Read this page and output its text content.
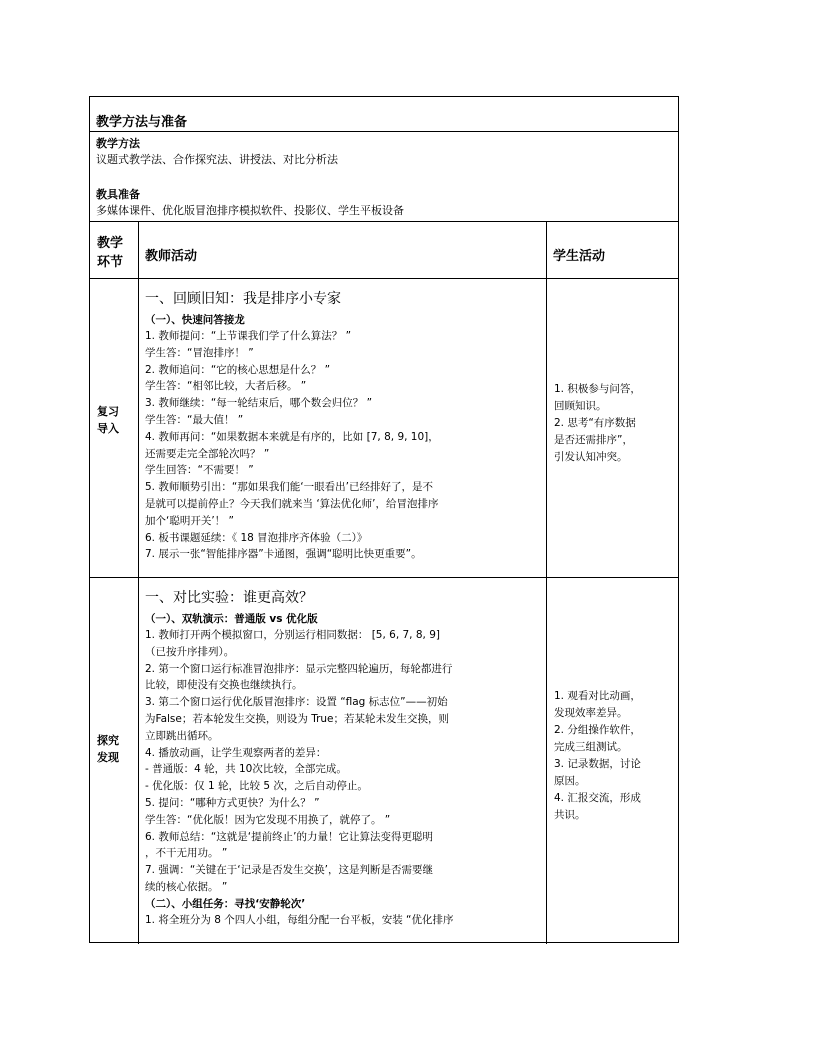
教学方法与准备
教学方法
议题式教学法、合作探究法、讲授法、对比分析法
教具准备
多媒体课件、优化版冒泡排序模拟软件、投影仪、学生平板设备
教学
环节 教师活动	学生活动
复习
导入
一、回顾旧知：我是排序小专家
（一）、快速问答接龙
1. 教师提问：“上节课我们学了什么算法？ ”
学生答：“冒泡排序！ ”
2. 教师追问：“它的核心思想是什么？ ”
学生答：“相邻比较，大者后移。 ”
3. 教师继续：“每一轮结束后，哪个数会归位？ ”
学生答：“最大值！ ”
4. 教师再问：“如果数据本来就是有序的，比如 [7, 8, 9, 10]，
还需要走完全部轮次吗？ ”
学生回答：“不需要！ ”
5. 教师顺势引出：“那如果我们能‘一眼看出’已经排好了，是不
是就可以提前停止？今天我们就来当 ‘算法优化师’，给冒泡排序
加个‘聪明开关’！ ”
6. 板书课题延续：《 18 冒泡排序齐体验（二）》
7. 展示一张“智能排序器”卡通图，强调“聪明比快更重要”。
1. 积极参与问答，
回顾知识。
2. 思考“有序数据
是否还需排序”，
引发认知冲突。
探究
发现
一、对比实验：谁更高效？
（一）、双轨演示：普通版 vs 优化版
1. 教师打开两个模拟窗口，分别运行相同数据： [5, 6, 7, 8, 9]
（已按升序排列）。
2. 第一个窗口运行标准冒泡排序：显示完整四轮遍历，每轮都进行
比较，即使没有交换也继续执行。
3. 第二个窗口运行优化版冒泡排序：设置 “flag 标志位”——初始
为False；若本轮发生交换，则设为 True；若某轮未发生交换，则
立即跳出循环。
4. 播放动画，让学生观察两者的差异：
- 普通版：4 轮，共 10次比较，全部完成。
- 优化版：仅 1 轮，比较 5 次，之后自动停止。
5. 提问：“哪种方式更快？为什么？ ”
学生答：“优化版！因为它发现不用换了，就停了。 ”
6. 教师总结：“这就是‘提前终止’的力量！它让算法变得更聪明
，不干无用功。 ”
7. 强调：“关键在于‘记录是否发生交换’，这是判断是否需要继
续的核心依据。 ”
（二）、小组任务：寻找‘安静轮次’
1. 将全班分为 8 个四人小组，每组分配一台平板，安装 “优化排序
1. 观看对比动画，
发现效率差异。
2. 分组操作软件，
完成三组测试。
3. 记录数据，讨论
原因。
4. 汇报交流，形成
共识。
